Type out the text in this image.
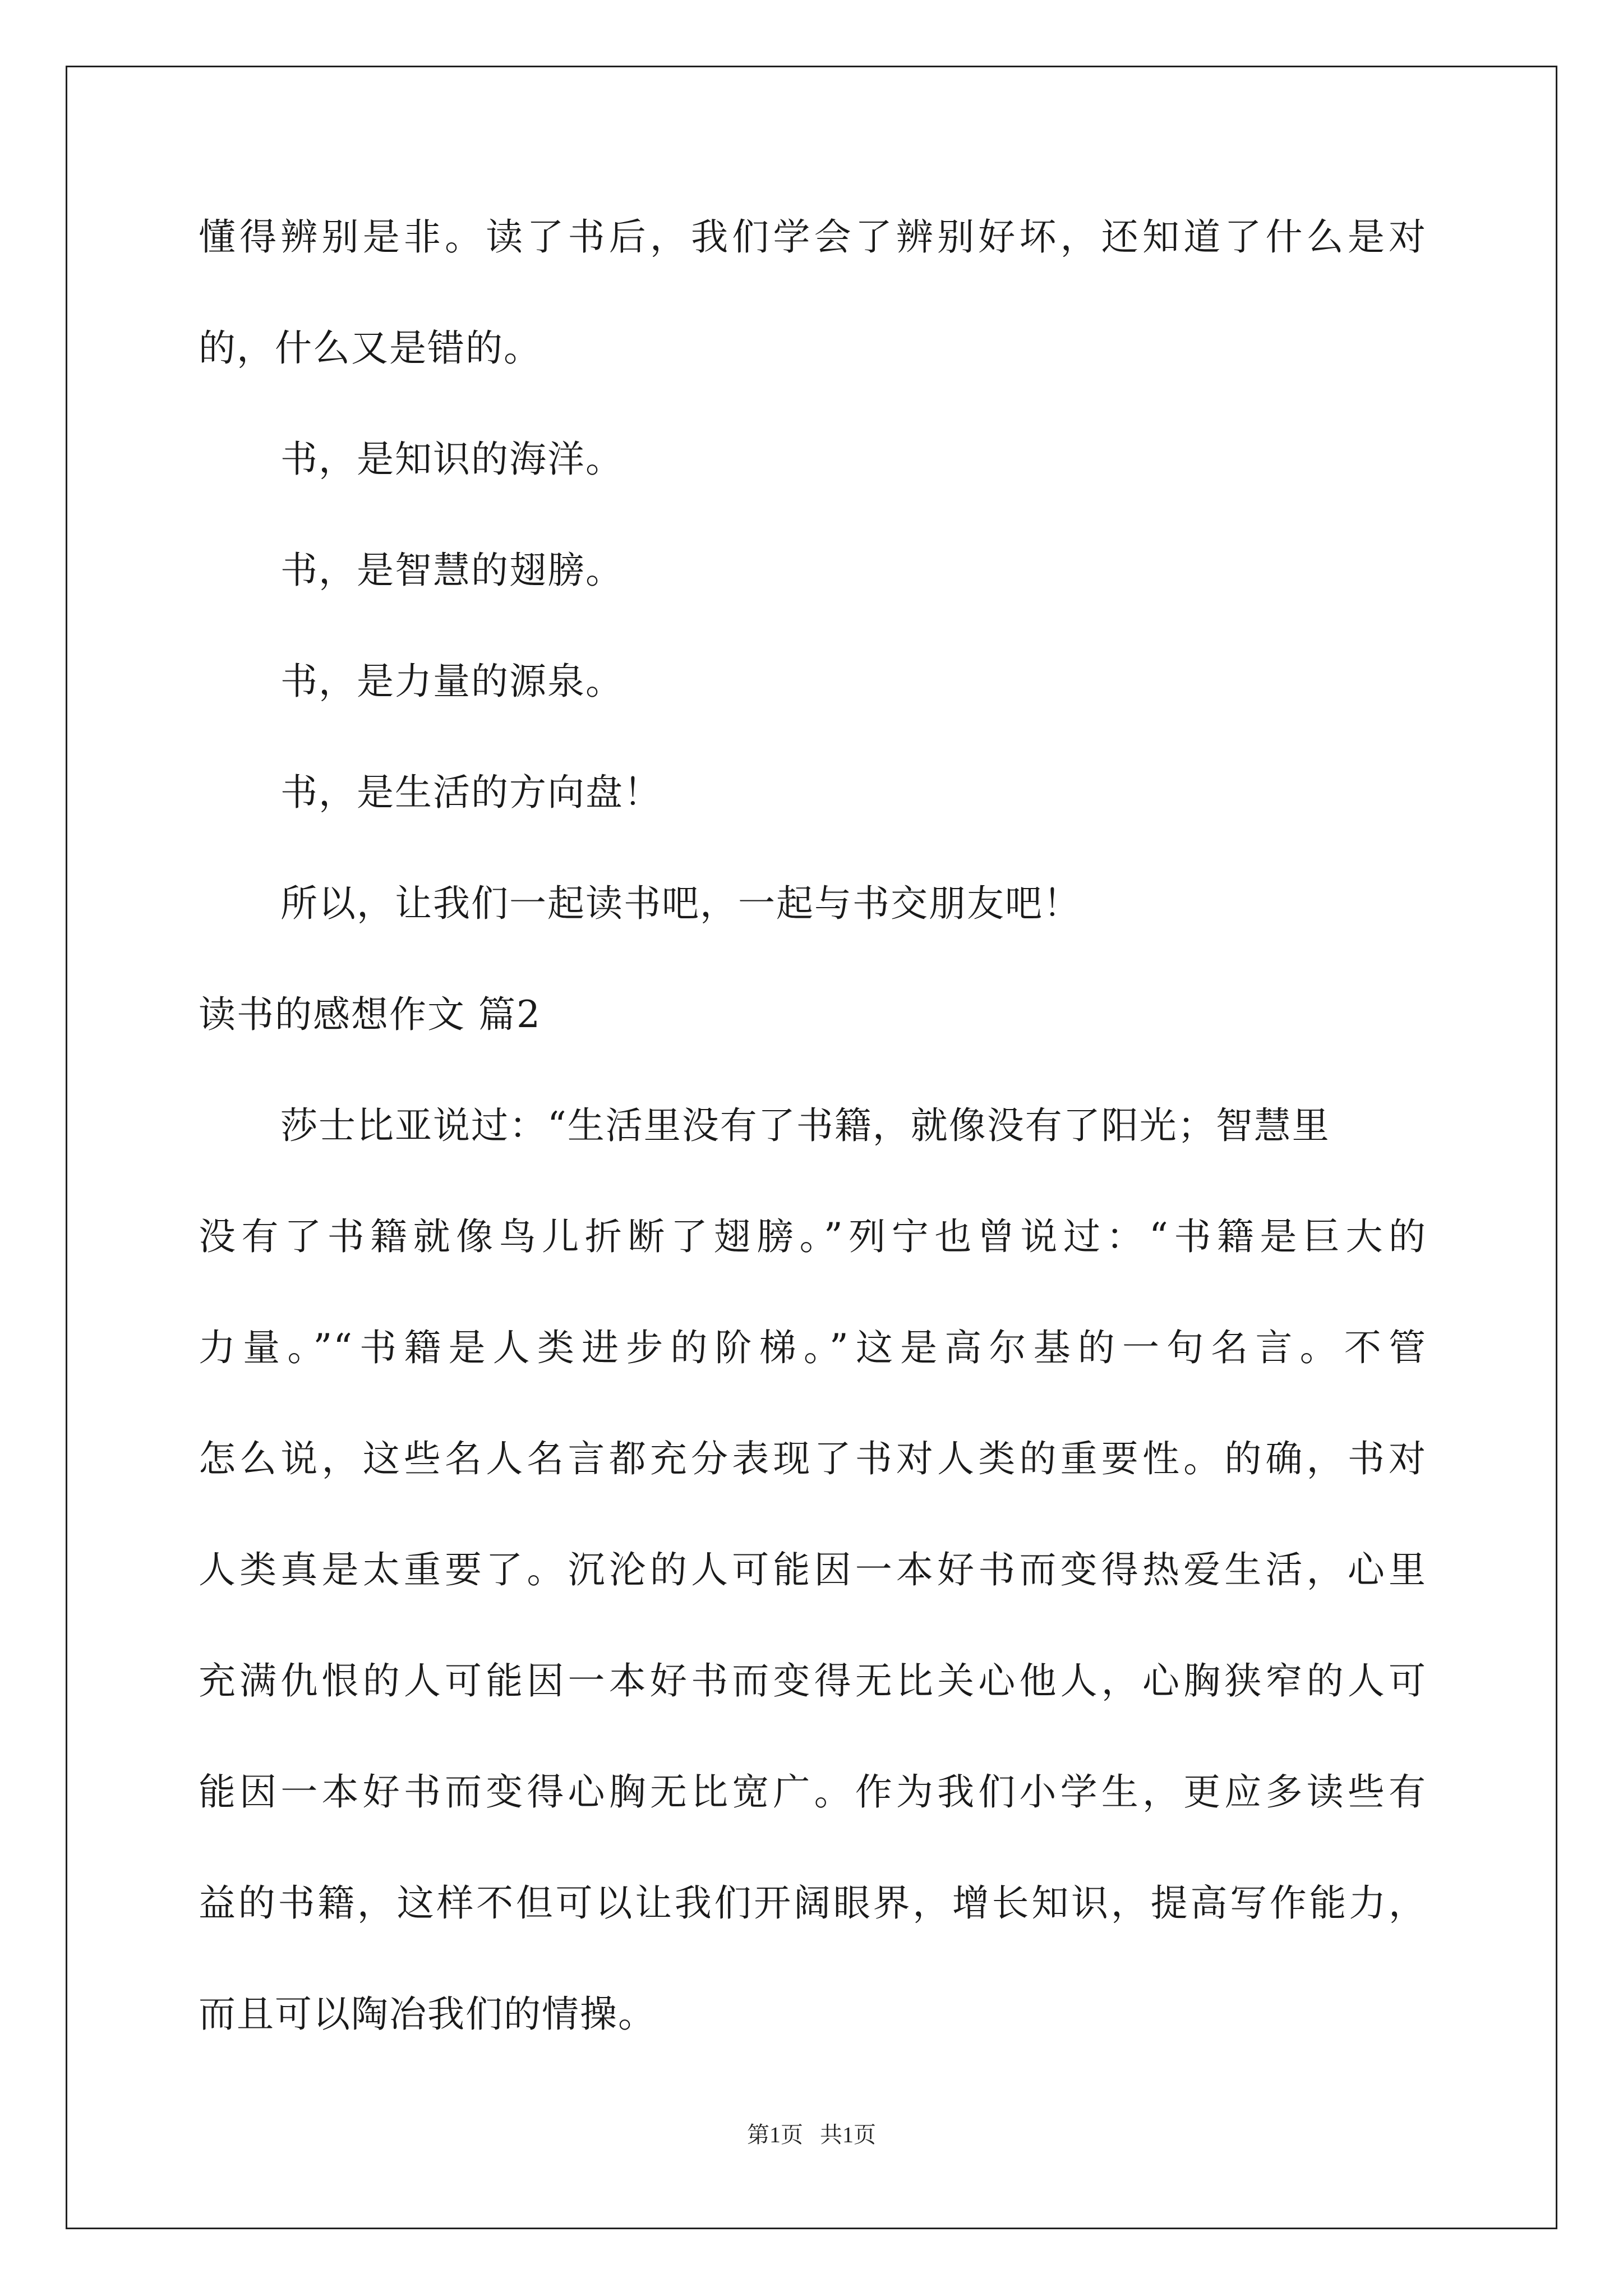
懂得辨别是非。读了书后，我们学会了辨别好坏，还知道了什么是对
的，什么又是错的。
书，是知识的海洋。
书，是智慧的翅膀。
书，是力量的源泉。
书，是生活的方向盘！
所以，让我们一起读书吧，一起与书交朋友吧！
读书的感想作文 篇2
莎士比亚说过：“生活里没有了书籍，就像没有了阳光；智慧里
没有了书籍就像鸟儿折断了翅膀。”列宁也曾说过：“书籍是巨大的
力量。”“书籍是人类进步的阶梯。”这是高尔基的一句名言。不管
怎么说，这些名人名言都充分表现了书对人类的重要性。的确，书对
人类真是太重要了。沉沦的人可能因一本好书而变得热爱生活，心里
充满仇恨的人可能因一本好书而变得无比关心他人，心胸狭窄的人可
能因一本好书而变得心胸无比宽广。作为我们小学生，更应多读些有
益的书籍，这样不但可以让我们开阔眼界，增长知识，提高写作能力，
而且可以陶冶我们的情操。
第1页   共1页
